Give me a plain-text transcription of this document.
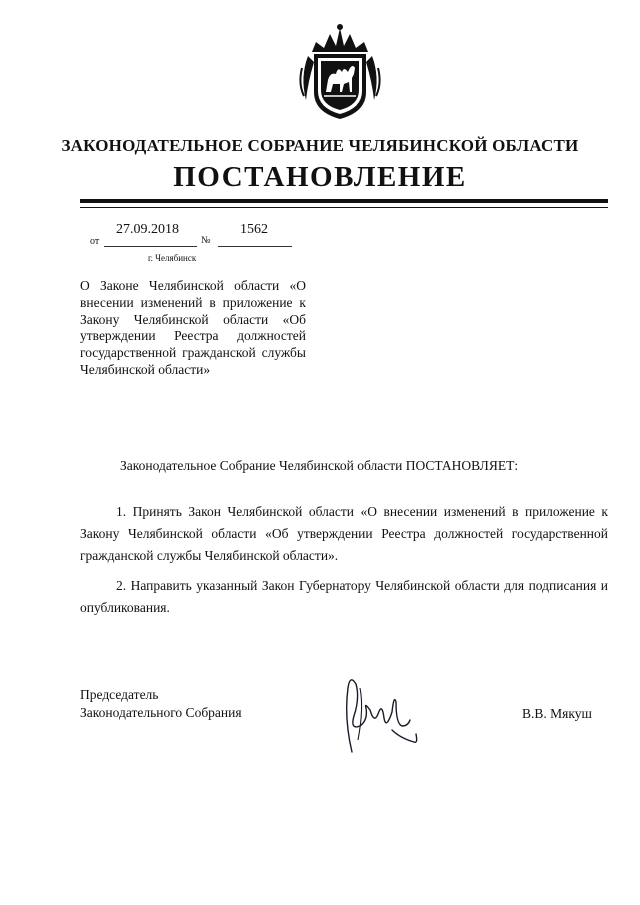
ЗАКОНОДАТЕЛЬНОЕ СОБРАНИЕ ЧЕЛЯБИНСКОЙ ОБЛАСТИ
ПОСТАНОВЛЕНИЕ
27.09.2018	1562
от	№
г. Челябинск

О Законе Челябинской области «О внесении изменений в приложение к Закону Челябинской области «Об утверждении Реестра должностей государственной гражданской службы Челябинской области»

Законодательное Собрание Челябинской области ПОСТАНОВЛЯЕТ:

1. Принять Закон Челябинской области «О внесении изменений в приложение к Закону Челябинской области «Об утверждении Реестра должностей государственной гражданской службы Челябинской области».

2. Направить указанный Закон Губернатору Челябинской области для подписания и опубликования.

Председатель
Законодательного Собрания	В.В. Мякуш
